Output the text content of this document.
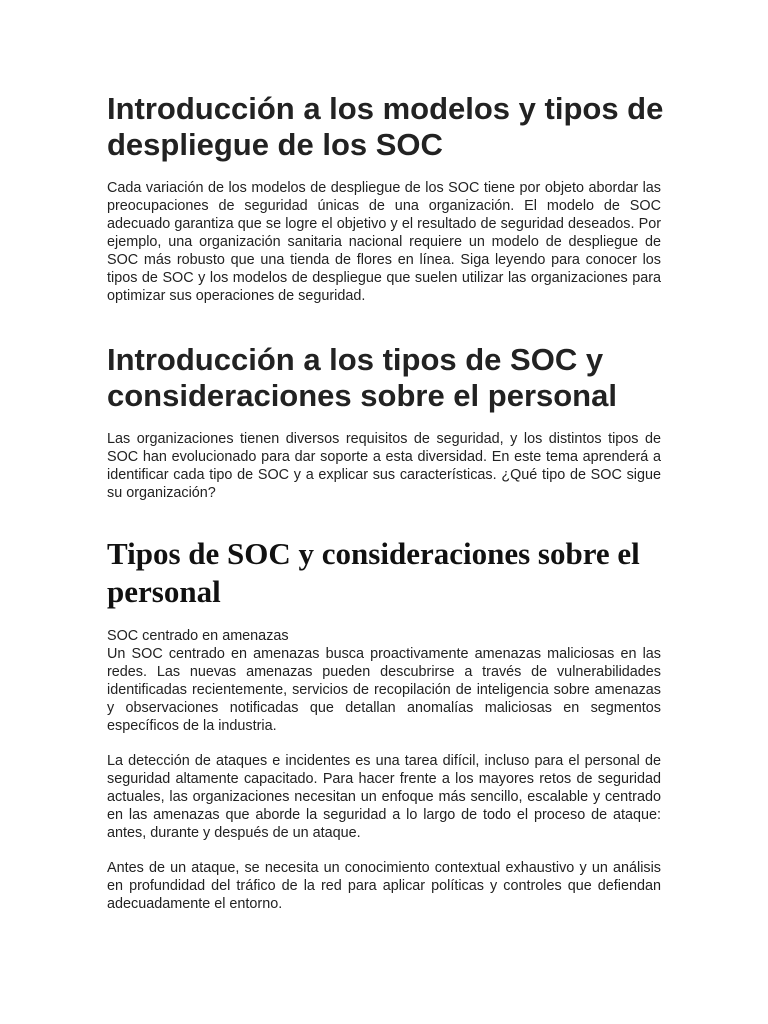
Introducción a los modelos y tipos de despliegue de los SOC

Cada variación de los modelos de despliegue de los SOC tiene por objeto abordar las preocupaciones de seguridad únicas de una organización. El modelo de SOC adecuado garantiza que se logre el objetivo y el resultado de seguridad deseados. Por ejemplo, una organización sanitaria nacional requiere un modelo de despliegue de SOC más robusto que una tienda de flores en línea. Siga leyendo para conocer los tipos de SOC y los modelos de despliegue que suelen utilizar las organizaciones para optimizar sus operaciones de seguridad.

Introducción a los tipos de SOC y consideraciones sobre el personal

Las organizaciones tienen diversos requisitos de seguridad, y los distintos tipos de SOC han evolucionado para dar soporte a esta diversidad. En este tema aprenderá a identificar cada tipo de SOC y a explicar sus características. ¿Qué tipo de SOC sigue su organización?

Tipos de SOC y consideraciones sobre el personal
SOC centrado en amenazas

Un SOC centrado en amenazas busca proactivamente amenazas maliciosas en las redes. Las nuevas amenazas pueden descubrirse a través de vulnerabilidades identificadas recientemente, servicios de recopilación de inteligencia sobre amenazas y observaciones notificadas que detallan anomalías maliciosas en segmentos específicos de la industria.

La detección de ataques e incidentes es una tarea difícil, incluso para el personal de seguridad altamente capacitado. Para hacer frente a los mayores retos de seguridad actuales, las organizaciones necesitan un enfoque más sencillo, escalable y centrado en las amenazas que aborde la seguridad a lo largo de todo el proceso de ataque: antes, durante y después de un ataque.

Antes de un ataque, se necesita un conocimiento contextual exhaustivo y un análisis en profundidad del tráfico de la red para aplicar políticas y controles que defiendan adecuadamente el entorno.
